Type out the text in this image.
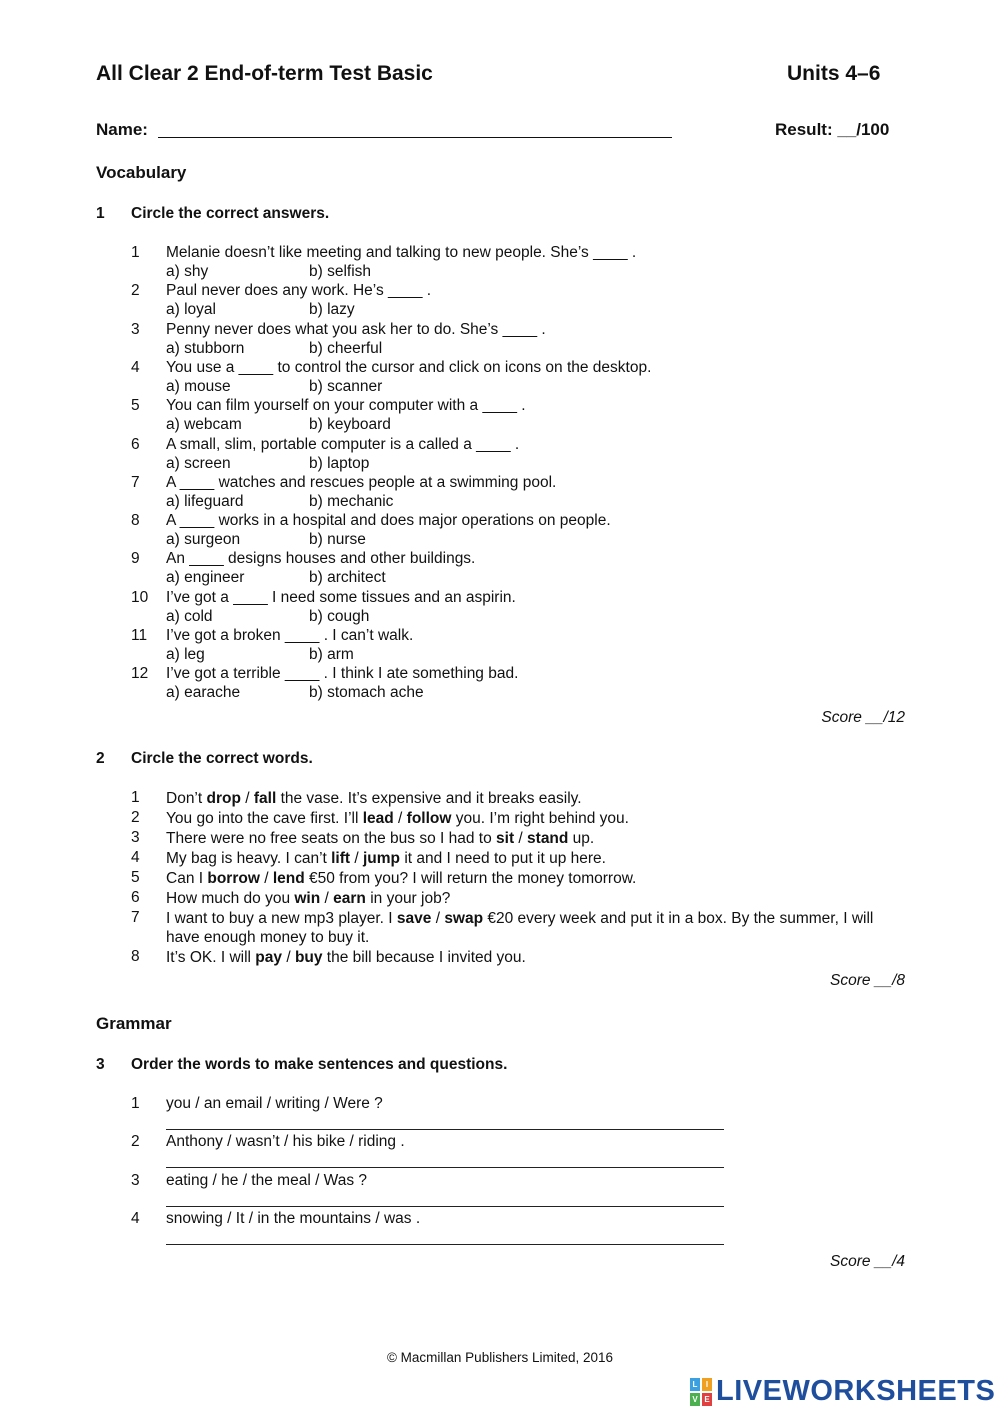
All Clear 2 End-of-term Test Basic	Units 4–6
Name:	Result: __/100
Vocabulary
1 Circle the correct answers.
1 Melanie doesn’t like meeting and talking to new people. She’s ____ .
a) shy	b) selfish
2 Paul never does any work. He’s ____ .
a) loyal	b) lazy
3 Penny never does what you ask her to do. She’s ____ .
a) stubborn	b) cheerful
4 You use a ____ to control the cursor and click on icons on the desktop.
a) mouse	b) scanner
5 You can film yourself on your computer with a ____ .
a) webcam	b) keyboard
6 A small, slim, portable computer is a called a ____ .
a) screen	b) laptop
7 A ____ watches and rescues people at a swimming pool.
a) lifeguard	b) mechanic
8 A ____ works in a hospital and does major operations on people.
a) surgeon	b) nurse
9 An ____ designs houses and other buildings.
a) engineer	b) architect
10 I’ve got a ____ I need some tissues and an aspirin.
a) cold	b) cough
11 I’ve got a broken ____ . I can’t walk.
a) leg	b) arm
12 I’ve got a terrible ____ . I think I ate something bad.
a) earache	b) stomach ache
Score __/12
2 Circle the correct words.
1 Don’t drop / fall the vase. It’s expensive and it breaks easily.
2 You go into the cave first. I’ll lead / follow you. I’m right behind you.
3 There were no free seats on the bus so I had to sit / stand up.
4 My bag is heavy. I can’t lift / jump it and I need to put it up here.
5 Can I borrow / lend €50 from you? I will return the money tomorrow.
6 How much do you win / earn in your job?
7 I want to buy a new mp3 player. I save / swap €20 every week and put it in a box. By the summer, I will have enough money to buy it.
8 It’s OK. I will pay / buy the bill because I invited you.
Score __/8
Grammar
3 Order the words to make sentences and questions.
1 you / an email / writing / Were ?
2 Anthony / wasn’t / his bike / riding .
3 eating / he / the meal / Was ?
4 snowing / It / in the mountains / was .
Score __/4
© Macmillan Publishers Limited, 2016
L	I
V E LIVEWORKSHEETS
